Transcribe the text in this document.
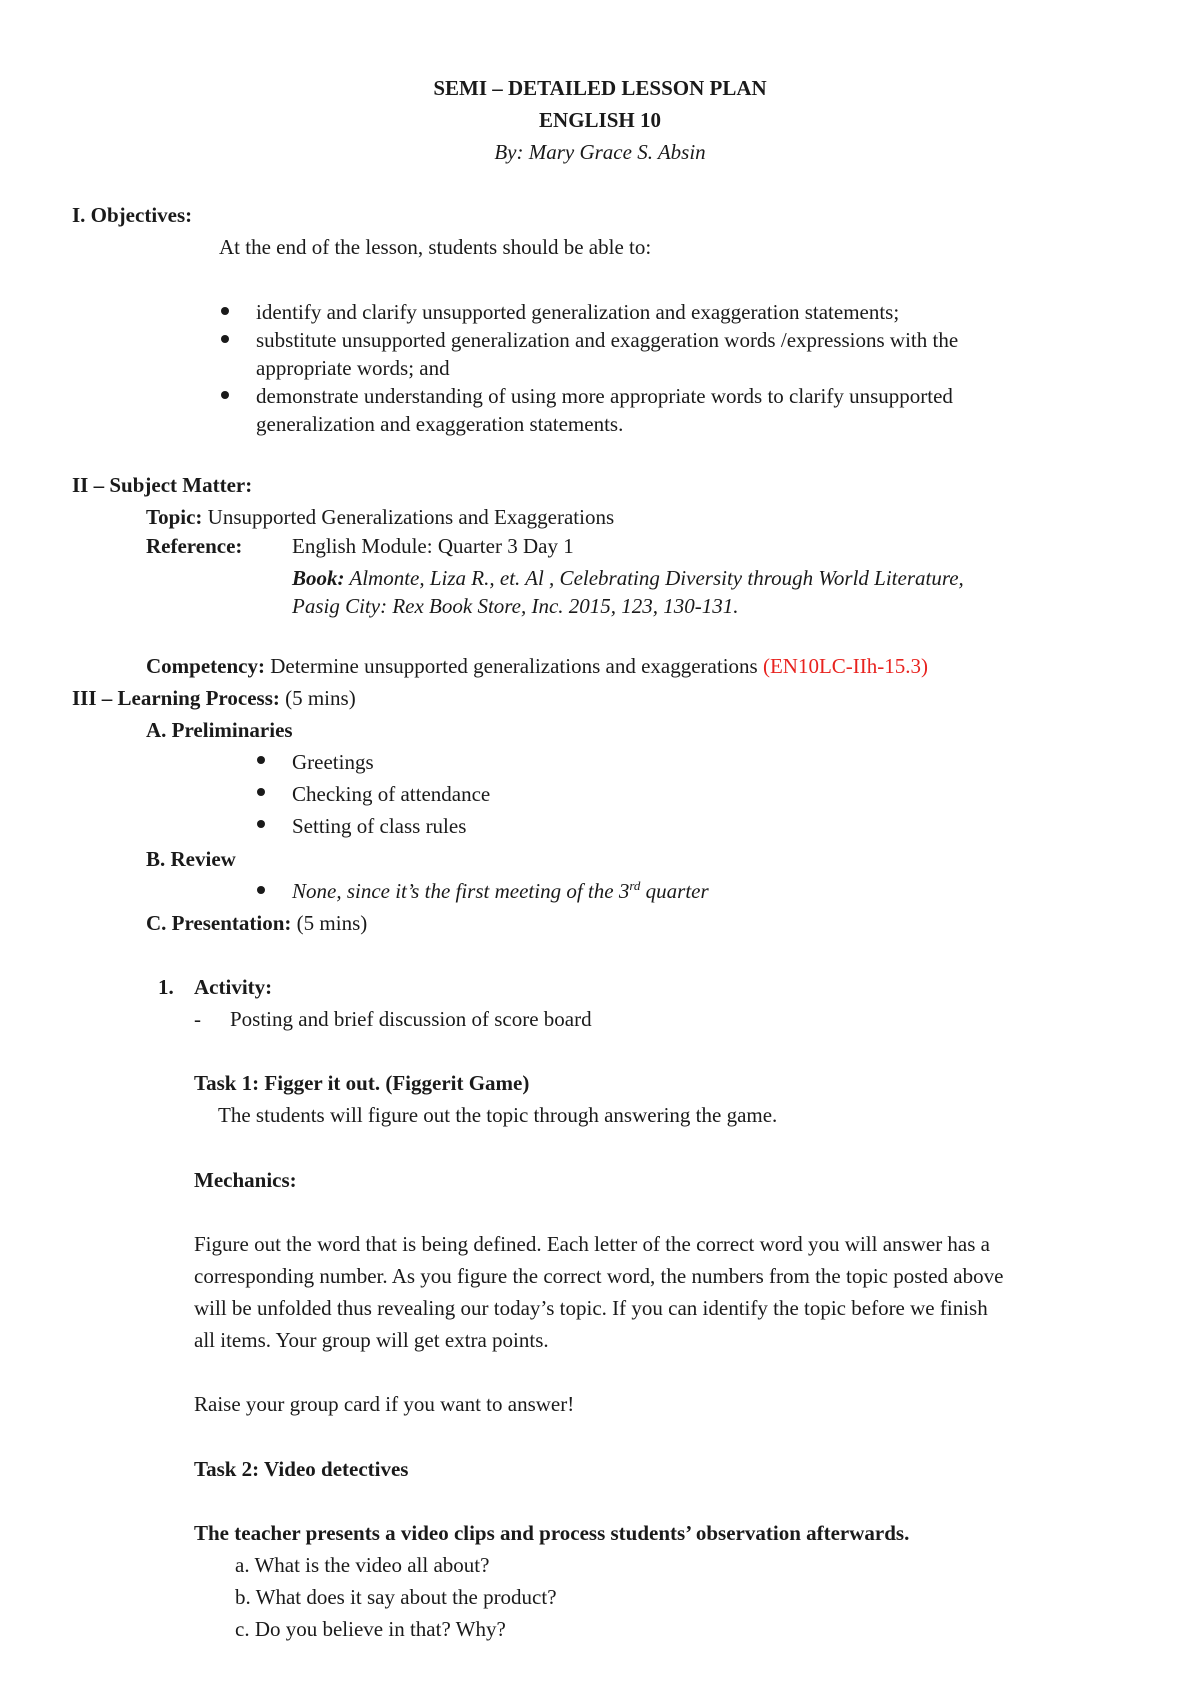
SEMI – DETAILED LESSON PLAN
ENGLISH 10
By: Mary Grace S. Absin
I. Objectives:
At the end of the lesson, students should be able to:
identify and clarify unsupported generalization and exaggeration statements;
substitute unsupported generalization and exaggeration words /expressions with the
appropriate words; and
demonstrate understanding of using more appropriate words to clarify unsupported
generalization and exaggeration statements.
II – Subject Matter:
Topic: Unsupported Generalizations and Exaggerations
Reference: English Module: Quarter 3 Day 1
Book: Almonte, Liza R., et. Al , Celebrating Diversity through World Literature,
Pasig City: Rex Book Store, Inc. 2015, 123, 130-131.
Competency: Determine unsupported generalizations and exaggerations (EN10LC-IIh-15.3)
III – Learning Process: (5 mins)
A. Preliminaries
Greetings
Checking of attendance
Setting of class rules
B. Review
None, since it’s the first meeting of the 3rd quarter
C. Presentation: (5 mins)
1. Activity:
- Posting and brief discussion of score board
Task 1: Figger it out. (Figgerit Game)
The students will figure out the topic through answering the game.
Mechanics:
Figure out the word that is being defined. Each letter of the correct word you will answer has a
corresponding number. As you figure the correct word, the numbers from the topic posted above
will be unfolded thus revealing our today’s topic. If you can identify the topic before we finish
all items. Your group will get extra points.
Raise your group card if you want to answer!
Task 2: Video detectives
The teacher presents a video clips and process students’ observation afterwards.
a. What is the video all about?
b. What does it say about the product?
c. Do you believe in that? Why?
